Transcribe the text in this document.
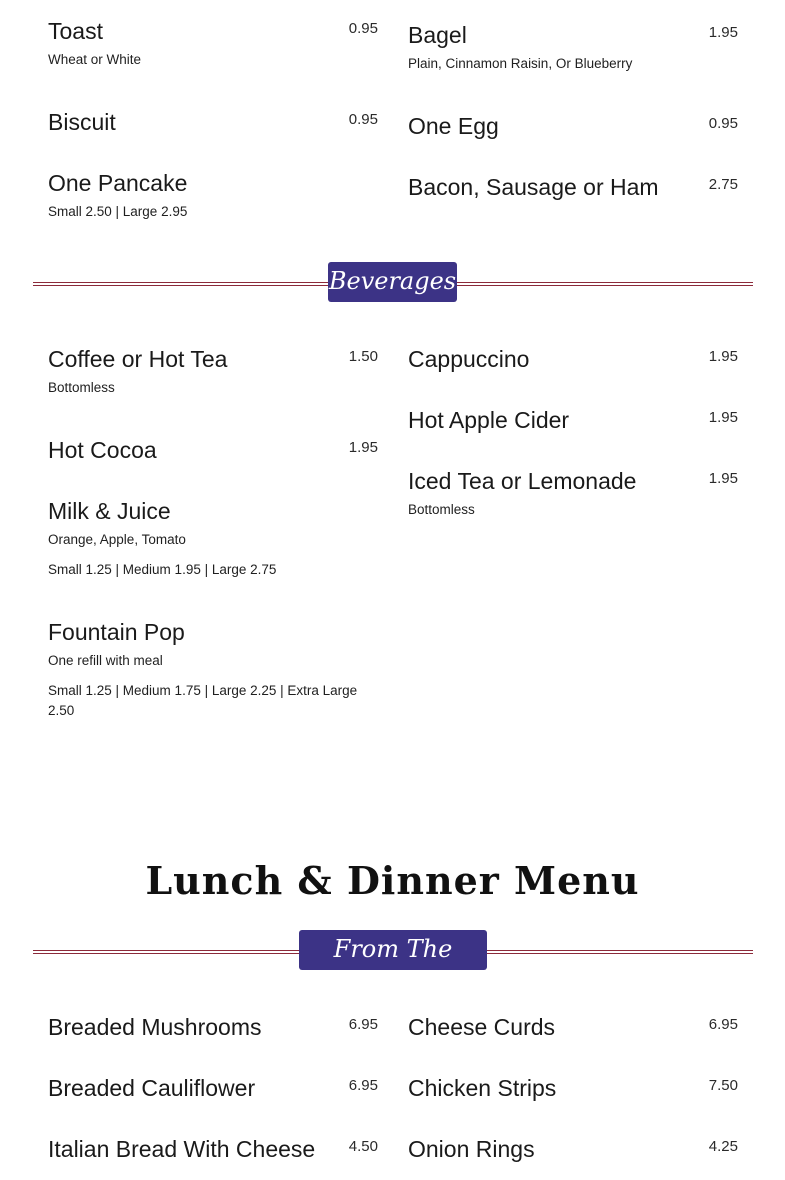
Toast	0.95
Wheat or White
Biscuit	0.95
One Pancake
Small 2.50 | Large 2.95
Bagel	1.95
Plain, Cinnamon Raisin, Or Blueberry
One Egg	0.95
Bacon, Sausage or Ham	2.75
Beverages
Coffee or Hot Tea	1.50
Bottomless
Hot Cocoa	1.95
Milk & Juice
Orange, Apple, Tomato
Small 1.25 | Medium 1.95 | Large 2.75
Fountain Pop
One refill with meal
Small 1.25 | Medium 1.75 | Large 2.25 | Extra Large 2.50
Cappuccino	1.95
Hot Apple Cider	1.95
Iced Tea or Lemonade	1.95
Bottomless
Lunch & Dinner Menu
From The Fryer
Breaded Mushrooms	6.95
Breaded Cauliflower	6.95
Italian Bread With Cheese	4.50
Cheese Curds	6.95
Chicken Strips	7.50
Onion Rings	4.25
